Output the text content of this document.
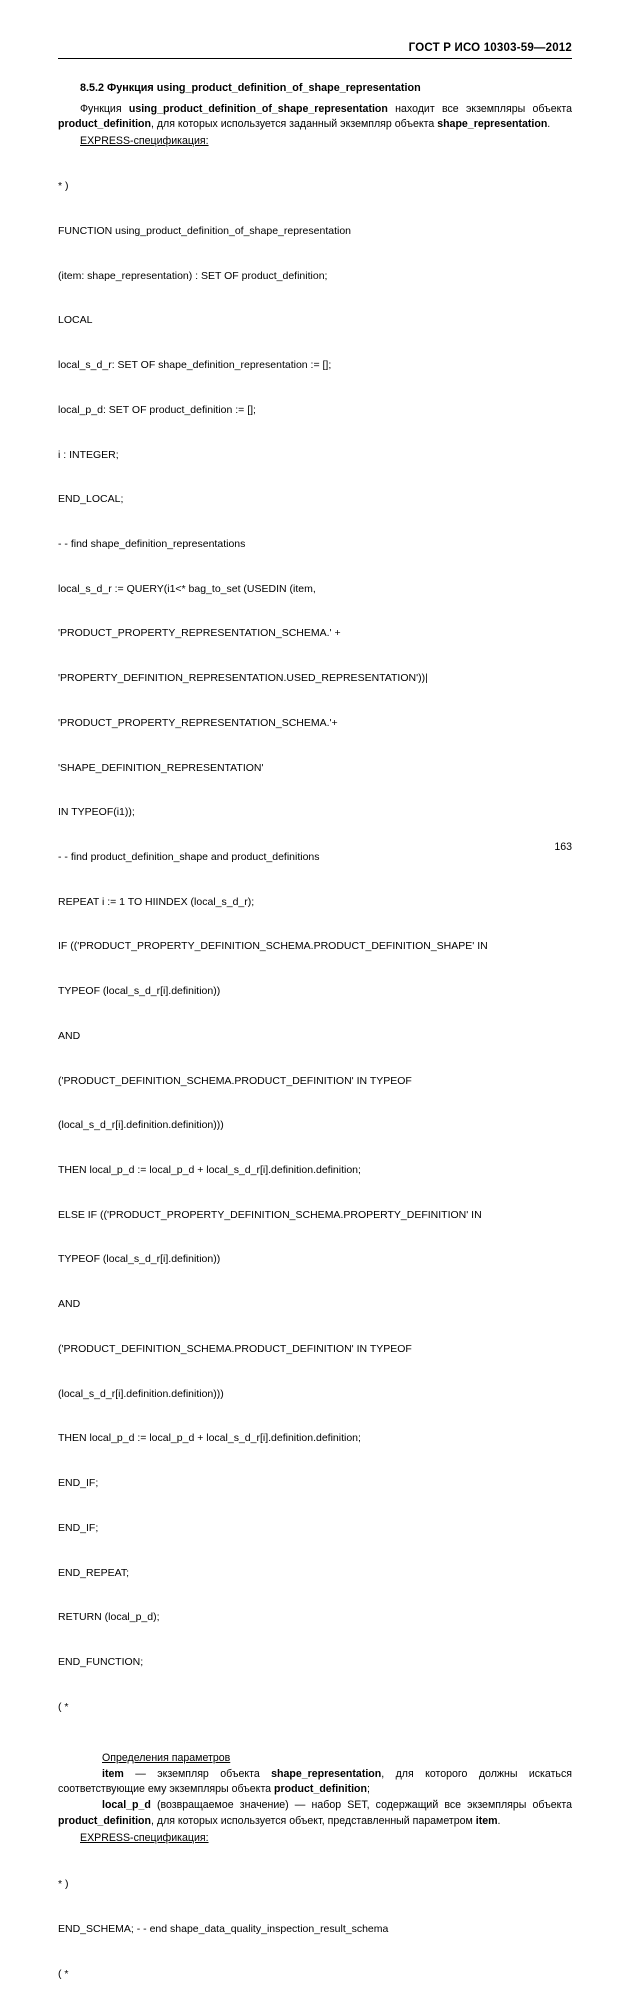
ГОСТ Р ИСО 10303-59—2012
8.5.2 Функция using_product_definition_of_shape_representation

Функция using_product_definition_of_shape_representation находит все экземпляры объекта product_definition, для которых используется заданный экземпляр объекта shape_representation.

EXPRESS-спецификация:

* )

FUNCTION using_product_definition_of_shape_representation

(item: shape_representation) : SET OF product_definition;

LOCAL

local_s_d_r: SET OF shape_definition_representation := [];

local_p_d: SET OF product_definition := [];

i : INTEGER;

END_LOCAL;

- - find shape_definition_representations

local_s_d_r := QUERY(i1<* bag_to_set (USEDIN (item,

'PRODUCT_PROPERTY_REPRESENTATION_SCHEMA.' +

'PROPERTY_DEFINITION_REPRESENTATION.USED_REPRESENTATION'))|

'PRODUCT_PROPERTY_REPRESENTATION_SCHEMA.'+

'SHAPE_DEFINITION_REPRESENTATION'

IN TYPEOF(i1));

- - find product_definition_shape and product_definitions

REPEAT i := 1 TO HIINDEX (local_s_d_r);

IF (('PRODUCT_PROPERTY_DEFINITION_SCHEMA.PRODUCT_DEFINITION_SHAPE' IN

TYPEOF (local_s_d_r[i].definition))

AND

('PRODUCT_DEFINITION_SCHEMA.PRODUCT_DEFINITION' IN TYPEOF

(local_s_d_r[i].definition.definition)))

THEN local_p_d := local_p_d + local_s_d_r[i].definition.definition;

ELSE IF (('PRODUCT_PROPERTY_DEFINITION_SCHEMA.PROPERTY_DEFINITION' IN

TYPEOF (local_s_d_r[i].definition))

AND

('PRODUCT_DEFINITION_SCHEMA.PRODUCT_DEFINITION' IN TYPEOF

(local_s_d_r[i].definition.definition)))

THEN local_p_d := local_p_d + local_s_d_r[i].definition.definition;

END_IF;

END_IF;

END_REPEAT;

RETURN (local_p_d);

END_FUNCTION;

( *

Определения параметров

item — экземпляр объекта shape_representation, для которого должны искаться соответствующие ему экземпляры объекта product_definition;

local_p_d (возвращаемое значение) — набор SET, содержащий все экземпляры объекта product_definition, для которых используется объект, представленный параметром item.

EXPRESS-спецификация:

* )

END_SCHEMA; - - end shape_data_quality_inspection_result_schema

( *

163
